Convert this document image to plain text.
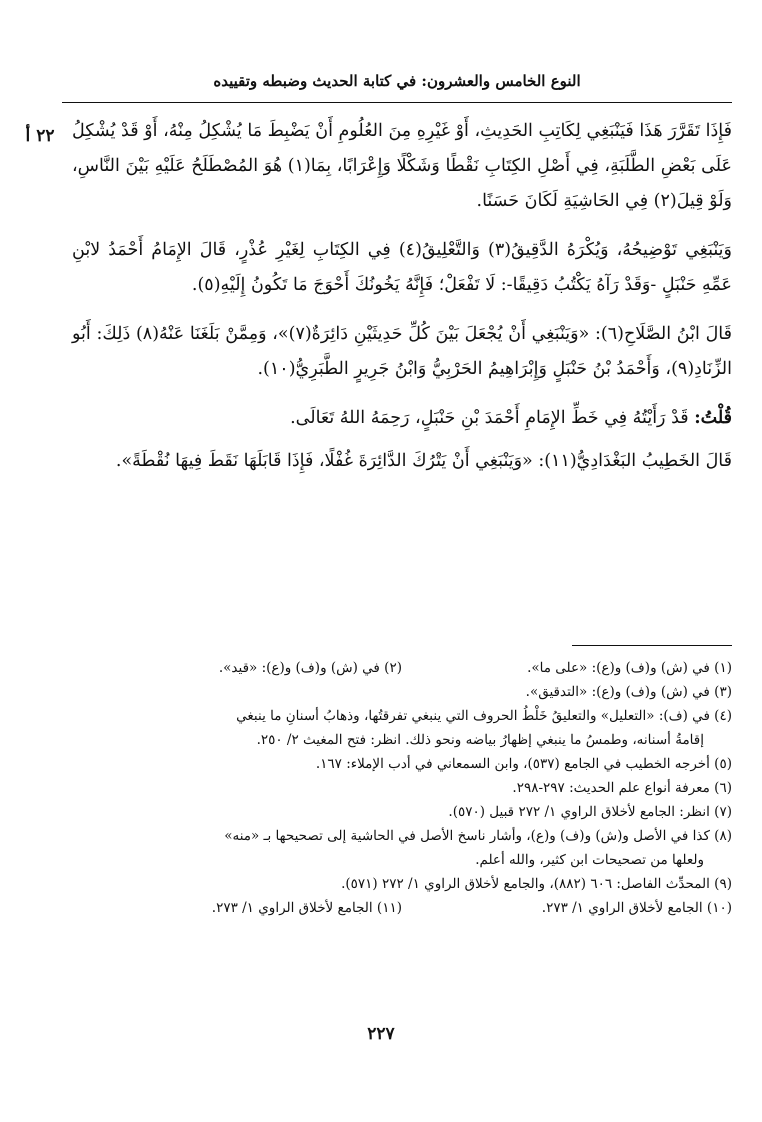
النوع الخامس والعشرون: في كتابة الحديث وضبطه وتقييده
٢٢ أ	فَإِذَا تَقَرَّرَ هَذَا فَيَنْبَغِي لِكَاتِبِ الحَدِيثِ، أَوْ غَيْرِهِ مِنَ العُلُومِ أَنْ يَضْبِطَ مَا يُشْكِلُ مِنْهُ، أَوْ قَدْ يُشْكِلُ عَلَى بَعْضِ الطَّلَبَةِ، فِي أَصْلِ الكِتَابِ نَقْطًا وَشَكْلًا وَإِعْرَابًا، بِمَا(١) هُوَ المُصْطَلَحُ عَلَيْهِ بَيْنَ النَّاسِ، وَلَوْ قِيلَ(٢) فِي الحَاشِيَةِ لَكَانَ حَسَنًا.

وَيَنْبَغِي تَوْضِيحُهُ، وَيُكْرَهُ الدَّقِيقُ(٣) وَالتَّعْلِيقُ(٤) فِي الكِتَابِ لِغَيْرِ عُذْرٍ، قَالَ الإِمَامُ أَحْمَدُ لابْنِ عَمِّهِ حَنْبَلٍ -وَقَدْ رَآهُ يَكْتُبُ دَقِيقًا-: لَا تَفْعَلْ؛ فَإِنَّهُ يَخُونُكَ أَحْوَجَ مَا تَكُونُ إِلَيْهِ(٥).

قَالَ ابْنُ الصَّلَاحِ(٦): «وَيَنْبَغِي أَنْ يُجْعَلَ بَيْنَ كُلِّ حَدِيثَيْنِ دَائِرَةٌ(٧)»، وَمِمَّنْ بَلَغَنَا عَنْهُ(٨) ذَلِكَ: أَبُو الزِّنَادِ(٩)، وَأَحْمَدُ بْنُ حَنْبَلٍ وَإِبْرَاهِيمُ الحَرْبِيُّ وَابْنُ جَرِيرٍ الطَّبَرِيُّ(١٠).

قُلْتُ: قَدْ رَأَيْتُهُ فِي خَطِّ الإِمَامِ أَحْمَدَ بْنِ حَنْبَلٍ، رَحِمَهُ اللهُ تَعَالَى.

قَالَ الخَطِيبُ البَغْدَادِيُّ(١١): «وَيَنْبَغِي أَنْ يَتْرُكَ الدَّائِرَةَ غُفْلًا، فَإِذَا قَابَلَهَا نَقَطَ فِيهَا نُقْطَةً».

(١) في (ش) و(ف) و(ع): «على ما».
(٢) في (ش) و(ف) و(ع): «قيد».
(٣) في (ش) و(ف) و(ع): «التدقيق».
(٤) في (ف): «التعليل» والتعليقُ خَلْطُ الحروف التي ينبغي تفرقتُها، وذهابُ أسنانِ ما ينبغي
إقامةُ أسنانه، وطمسُ ما ينبغي إظهارُ بياضه ونحو ذلك. انظر: فتح المغيث ٢/ ٢٥٠.
(٥) أخرجه الخطيب في الجامع (٥٣٧)، وابن السمعاني في أدب الإملاء: ١٦٧.
(٦) معرفة أنواع علم الحديث: ٢٩٧-٢٩٨.
(٧) انظر: الجامع لأخلاق الراوي ١/ ٢٧٢ قبيل (٥٧٠).
(٨) كذا في الأصل و(ش) و(ف) و(ع)، وأشار ناسخ الأصل في الحاشية إلى تصحيحها بـ «منه»
ولعلها من تصحيحات ابن كثير، والله أعلم.
(٩) المحدِّث الفاصل: ٦٠٦ (٨٨٢)، والجامع لأخلاق الراوي ١/ ٢٧٢ (٥٧١).
(١٠) الجامع لأخلاق الراوي ١/ ٢٧٣.
(١١) الجامع لأخلاق الراوي ١/ ٢٧٣.
٢٢٧
